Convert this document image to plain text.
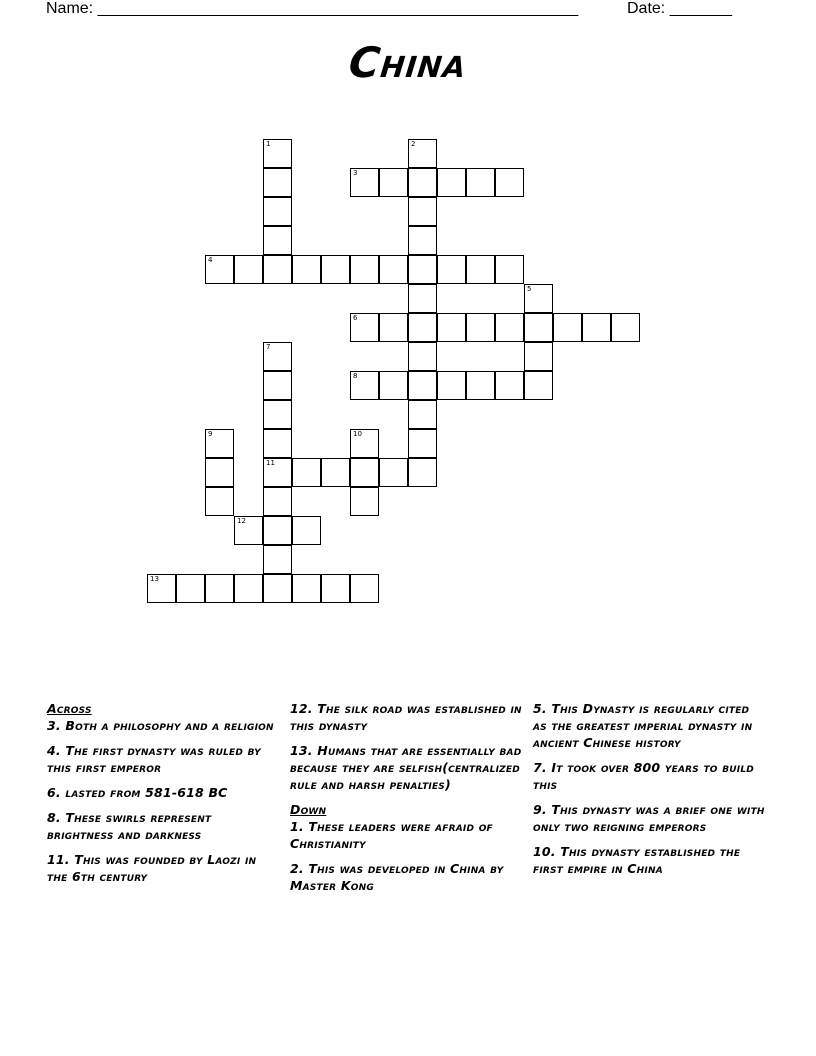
Name: ______________________________________________________	Date: _______
China
1	2
3
4
5
6
7
11
8
9	10
12
13
Across
3. Both a philosophy and a religion
4. The first dynasty was ruled by this first emperor
6. lasted from 581-618 BC
8. These swirls represent brightness and darkness
11. This was founded by Laozi in the 6th century
12. The silk road was established in this dynasty
13. Humans that are essentially bad because they are selfish(centralized rule and harsh penalties)
Down
1. These leaders were afraid of Christianity
2. This was developed in China by Master Kong
5. This Dynasty is regularly cited as the greatest imperial dynasty in ancient Chinese history
7. It took over 800 years to build this
9. This dynasty was a brief one with only two reigning emperors
10. This dynasty established the first empire in China
